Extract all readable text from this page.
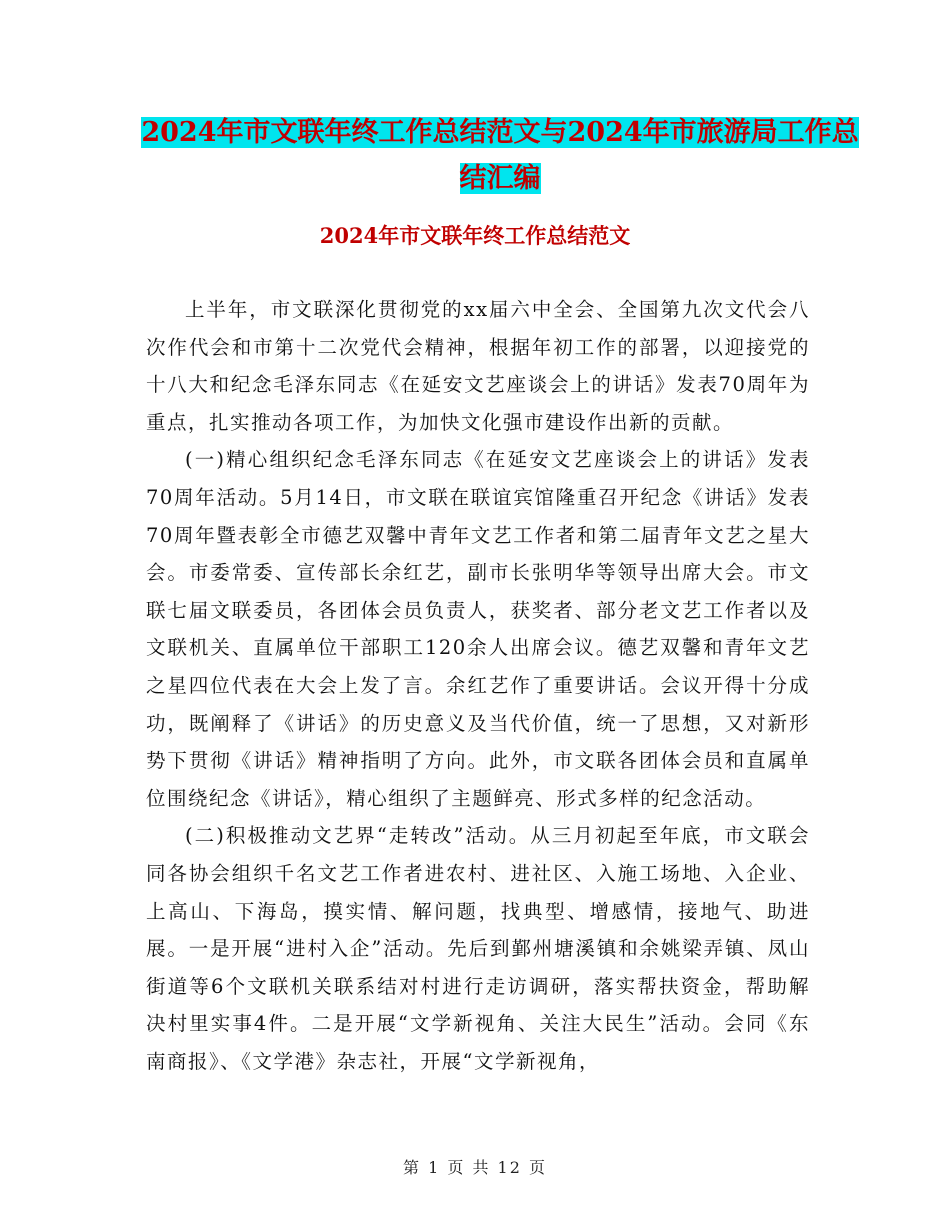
2024年市文联年终工作总结范文与2024年市旅游局工作总结汇编
2024年市文联年终工作总结范文

上半年，市文联深化贯彻党的xx届六中全会、全国第九次文代会八次作代会和市第十二次党代会精神，根据年初工作的部署，以迎接党的十八大和纪念毛泽东同志《在延安文艺座谈会上的讲话》发表70周年为重点，扎实推动各项工作，为加快文化强市建设作出新的贡献。

(一)精心组织纪念毛泽东同志《在延安文艺座谈会上的讲话》发表70周年活动。5月14日，市文联在联谊宾馆隆重召开纪念《讲话》发表70周年暨表彰全市德艺双馨中青年文艺工作者和第二届青年文艺之星大会。市委常委、宣传部长余红艺，副市长张明华等领导出席大会。市文联七届文联委员，各团体会员负责人，获奖者、部分老文艺工作者以及文联机关、直属单位干部职工120余人出席会议。德艺双馨和青年文艺之星四位代表在大会上发了言。余红艺作了重要讲话。会议开得十分成功，既阐释了《讲话》的历史意义及当代价值，统一了思想，又对新形势下贯彻《讲话》精神指明了方向。此外，市文联各团体会员和直属单位围绕纪念《讲话》，精心组织了主题鲜亮、形式多样的纪念活动。

(二)积极推动文艺界“走转改”活动。从三月初起至年底，市文联会同各协会组织千名文艺工作者进农村、进社区、入施工场地、入企业、上高山、下海岛，摸实情、解问题，找典型、增感情，接地气、助进展。一是开展“进村入企”活动。先后到鄞州塘溪镇和余姚梁弄镇、凤山街道等6个文联机关联系结对村进行走访调研，落实帮扶资金，帮助解决村里实事4件。二是开展“文学新视角、关注大民生”活动。会同《东南商报》、《文学港》杂志社，开展“文学新视角，

第 1 页 共 12 页
